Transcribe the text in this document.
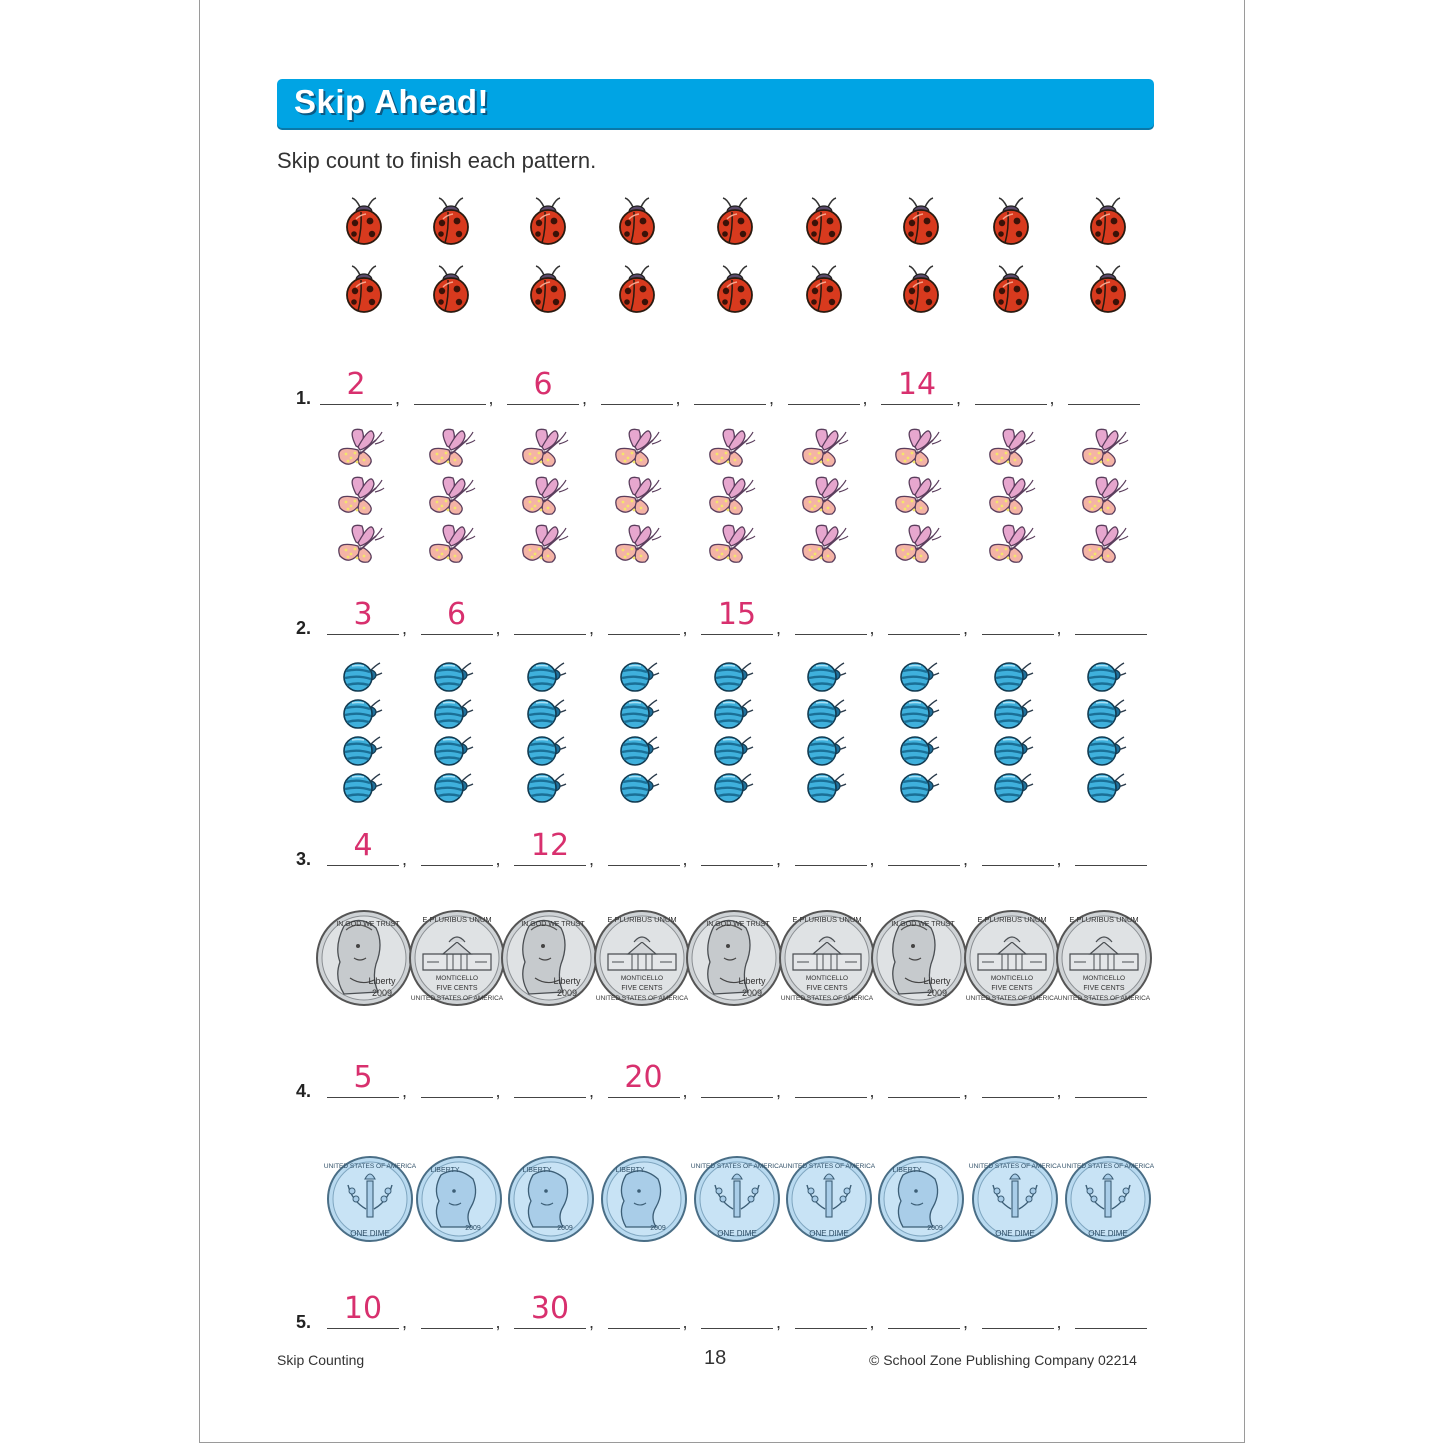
Skip Ahead!
Skip count to finish each pattern.
IN GOD WE TRUST
Liberty
2009
E PLURIBUS UNUM
MONTICELLO
FIVE CENTS
UNITED STATES OF AMERICA
IN GOD WE TRUST
Liberty
2009
E PLURIBUS UNUM
MONTICELLO
FIVE CENTS
UNITED STATES OF AMERICA
IN GOD WE TRUST
Liberty
2009
E PLURIBUS UNUM
MONTICELLO
FIVE CENTS
UNITED STATES OF AMERICA
IN GOD WE TRUST
Liberty
2009
E PLURIBUS UNUM
MONTICELLO
FIVE CENTS
UNITED STATES OF AMERICA
E PLURIBUS UNUM
MONTICELLO
FIVE CENTS
UNITED STATES OF AMERICA
UNITED STATES OF AMERICA
ONE DIME
LIBERTY
2009
LIBERTY
2009
LIBERTY
2009
UNITED STATES OF AMERICA
ONE DIME
UNITED STATES OF AMERICA
ONE DIME
LIBERTY
2009
UNITED STATES OF AMERICA
ONE DIME
UNITED STATES OF AMERICA
ONE DIME
1.	2	,	,	6	,	,	,	,	14	,	,
2.	3	,	6	,	,	,	15	,	,	,	,
3.	4	,	,	12	,	,	,	,	,	,
4.	5	,	,	,	20	,	,	,	,	,
5.	10	,	,	30	,	,	,	,	,	,
Skip Counting	18	© School Zone Publishing Company 02214
